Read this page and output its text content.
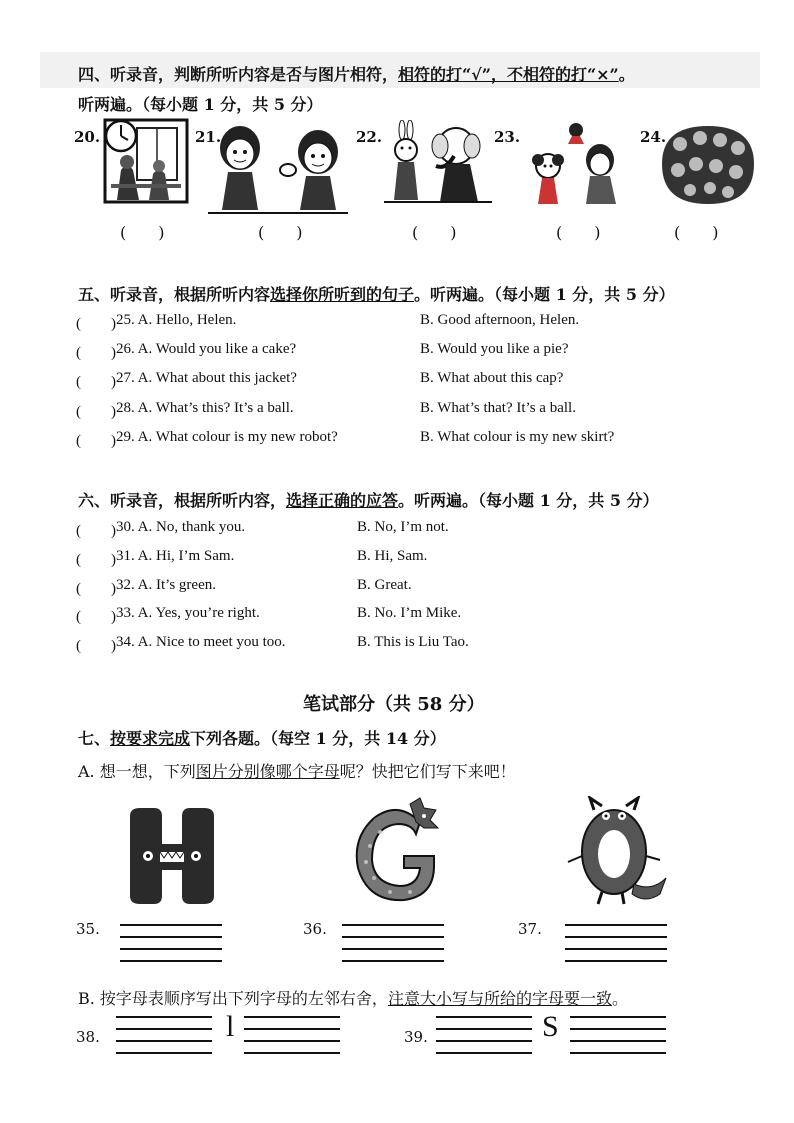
四、听录音，判断所听内容是否与图片相符，相符的打“√”，不相符的打“×”。
听两遍。（每小题 1 分，共 5 分）
20.	21.	22.	23.	24.
(　　)	(　　)	(　　)	(　　)	(　　)
五、听录音，根据所听内容选择你所听到的句子。听两遍。（每小题 1 分，共 5 分）
(　　) 25. A. Hello, Helen.	B. Good afternoon, Helen.
(　　) 26. A. Would you like a cake?	B. Would you like a pie?
(　　) 27. A. What about this jacket?	B. What about this cap?
(　　) 28. A. What’s this? It’s a ball.	B. What’s that? It’s a ball.
(　　) 29. A. What colour is my new robot?	B. What colour is my new skirt?
六、听录音，根据所听内容，选择正确的应答。听两遍。（每小题 1 分，共 5 分）
(　　) 30. A. No, thank you.	B. No, I’m not.
(　　) 31. A. Hi, I’m Sam.	B. Hi, Sam.
(　　) 32. A. It’s green.	B. Great.
(　　) 33. A. Yes, you’re right.	B. No. I’m Mike.
(　　) 34. A. Nice to meet you too.	B. This is Liu Tao.
笔试部分（共 58 分）
七、按要求完成下列各题。（每空 1 分，共 14 分）
A. 想一想，下列图片分别像哪个字母呢？快把它们写下来吧！
35.	36.	37.
B. 按字母表顺序写出下列字母的左邻右舍，注意大小写与所给的字母要一致。
38.	l	39.	S
